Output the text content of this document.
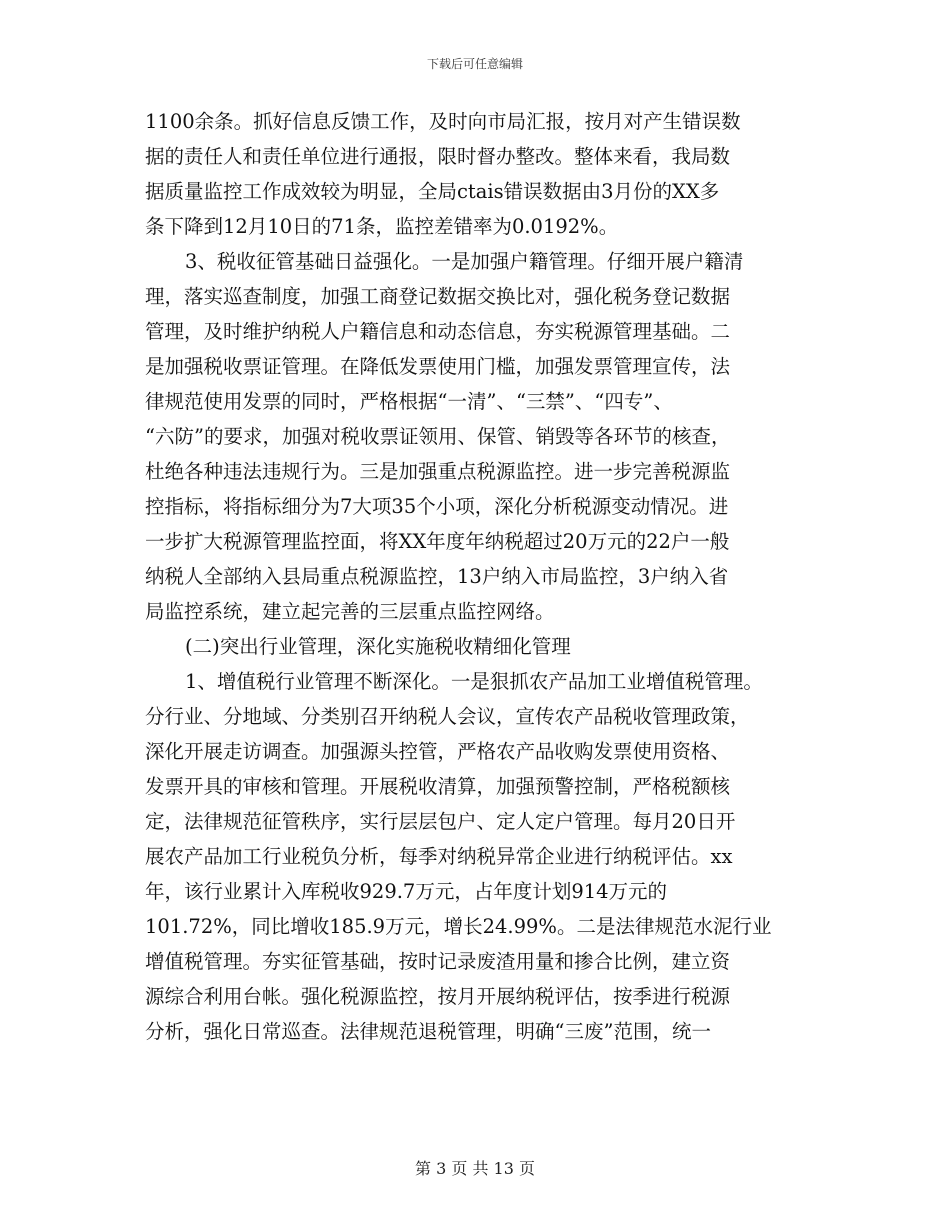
下载后可任意编辑
1100余条。抓好信息反馈工作，及时向市局汇报，按月对产生错误数
据的责任人和责任单位进行通报，限时督办整改。整体来看，我局数
据质量监控工作成效较为明显，全局ctais错误数据由3月份的XX多
条下降到12月10日的71条，监控差错率为0.0192%。
3、税收征管基础日益强化。一是加强户籍管理。仔细开展户籍清
理，落实巡查制度，加强工商登记数据交换比对，强化税务登记数据
管理，及时维护纳税人户籍信息和动态信息，夯实税源管理基础。二
是加强税收票证管理。在降低发票使用门槛，加强发票管理宣传，法
律规范使用发票的同时，严格根据“一清”、“三禁”、“四专”、
“六防”的要求，加强对税收票证领用、保管、销毁等各环节的核查，
杜绝各种违法违规行为。三是加强重点税源监控。进一步完善税源监
控指标，将指标细分为7大项35个小项，深化分析税源变动情况。进
一步扩大税源管理监控面，将XX年度年纳税超过20万元的22户一般
纳税人全部纳入县局重点税源监控，13户纳入市局监控，3户纳入省
局监控系统，建立起完善的三层重点监控网络。
(二)突出行业管理，深化实施税收精细化管理
1、增值税行业管理不断深化。一是狠抓农产品加工业增值税管理。
分行业、分地域、分类别召开纳税人会议，宣传农产品税收管理政策，
深化开展走访调查。加强源头控管，严格农产品收购发票使用资格、
发票开具的审核和管理。开展税收清算，加强预警控制，严格税额核
定，法律规范征管秩序，实行层层包户、定人定户管理。每月20日开
展农产品加工行业税负分析，每季对纳税异常企业进行纳税评估。xx
年，该行业累计入库税收929.7万元，占年度计划914万元的
101.72%，同比增收185.9万元，增长24.99%。二是法律规范水泥行业
增值税管理。夯实征管基础，按时记录废渣用量和掺合比例，建立资
源综合利用台帐。强化税源监控，按月开展纳税评估，按季进行税源
分析，强化日常巡查。法律规范退税管理，明确“三废”范围，统一
第 3 页 共 13 页
